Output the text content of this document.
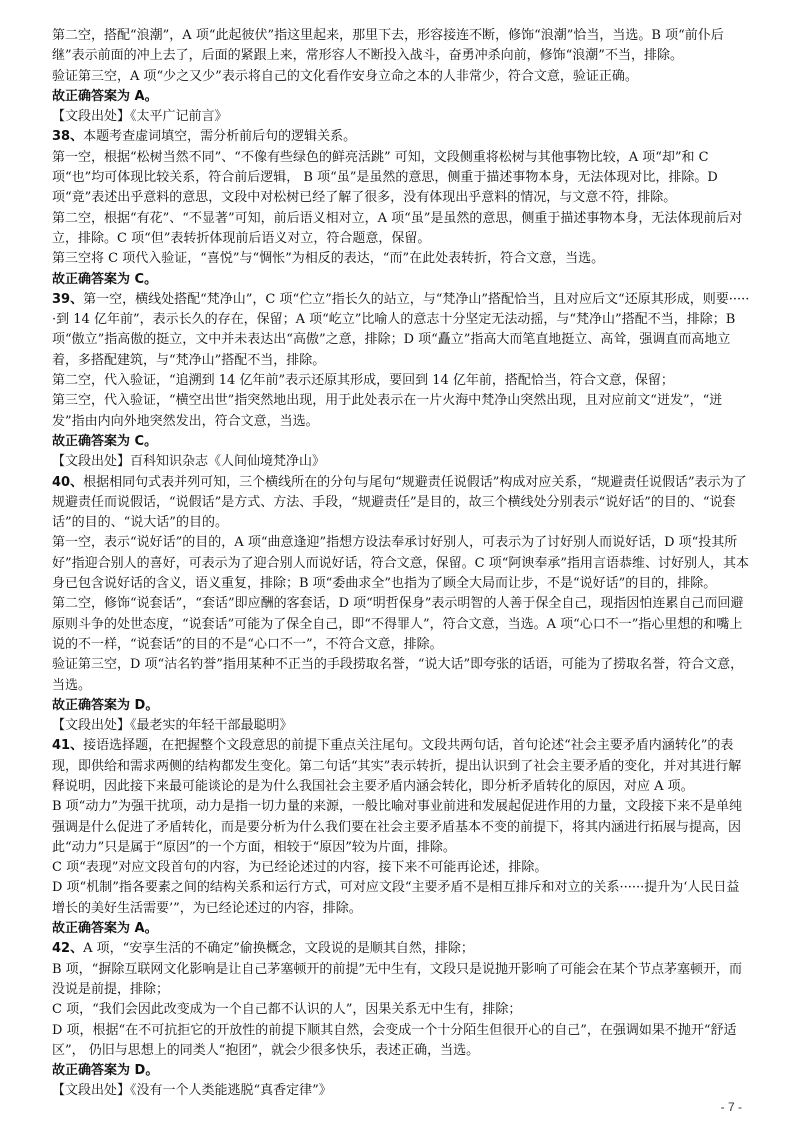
第二空，搭配“浪潮”，A 项“此起彼伏”指这里起来，那里下去，形容接连不断，修饰“浪潮”恰当，当选。B 项“前仆后继”表示前面的冲上去了，后面的紧跟上来，常形容人不断投入战斗，奋勇冲杀向前，修饰“浪潮”不当，排除。

验证第三空，A 项“少之又少”表示将自己的文化看作安身立命之本的人非常少，符合文意，验证正确。

故正确答案为 A。

【文段出处】《太平广记前言》

38、本题考查虚词填空，需分析前后句的逻辑关系。

第一空，根据“松树当然不同”、“不像有些绿色的鲜亮活跳” 可知，文段侧重将松树与其他事物比较，A 项“却”和 C 项“也”均可体现比较关系，符合前后逻辑， B 项“虽”是虽然的意思，侧重于描述事物本身，无法体现对比，排除。D 项“竟”表述出乎意料的意思，文段中对松树已经了解了很多，没有体现出乎意料的情况，与文意不符，排除。

第二空，根据“有花”、“不显著”可知，前后语义相对立，A 项“虽”是虽然的意思，侧重于描述事物本身，无法体现前后对立，排除。C 项“但”表转折体现前后语义对立，符合题意，保留。

第三空将 C 项代入验证，“喜悦”与“惆怅”为相反的表达，“而”在此处表转折，符合文意，当选。

故正确答案为 C。

39、第一空，横线处搭配“梵净山”，C 项“伫立”指长久的站立，与“梵净山”搭配恰当，且对应后文“还原其形成，则要······到 14 亿年前”，表示长久的存在，保留；A 项“屹立”比喻人的意志十分坚定无法动摇，与“梵净山”搭配不当，排除；B 项“傲立”指高傲的挺立，文中并未表达出“高傲”之意，排除；D 项“矗立”指高大而笔直地挺立、高耸，强调直而高地立着，多搭配建筑，与“梵净山”搭配不当，排除。

第二空，代入验证，“追溯到 14 亿年前”表示还原其形成，要回到 14 亿年前，搭配恰当，符合文意，保留；

第三空，代入验证，“横空出世”指突然地出现，用于此处表示在一片火海中梵净山突然出现，且对应前文“迸发”，“迸发”指由内向外地突然发出，符合文意，当选。

故正确答案为 C。

【文段出处】百科知识杂志《人间仙境梵净山》

40、根据相同句式表并列可知，三个横线所在的分句与尾句“规避责任说假话”构成对应关系，“规避责任说假话”表示为了规避责任而说假话，“说假话”是方式、方法、手段，“规避责任”是目的，故三个横线处分别表示“说好话”的目的、“说套话”的目的、“说大话”的目的。

第一空，表示“说好话”的目的，A 项“曲意逢迎”指想方设法奉承讨好别人，可表示为了讨好别人而说好话，D 项“投其所好”指迎合别人的喜好，可表示为了迎合别人而说好话，符合文意，保留。C 项“阿谀奉承”指用言语恭维、讨好别人，其本身已包含说好话的含义，语义重复，排除；B 项“委曲求全”也指为了顾全大局而让步，不是“说好话”的目的，排除。

第二空，修饰“说套话”，“套话”即应酬的客套话，D 项“明哲保身”表示明智的人善于保全自己，现指因怕连累自己而回避原则斗争的处世态度，“说套话”可能为了保全自己，即“不得罪人”，符合文意，当选。A 项“心口不一”指心里想的和嘴上说的不一样，“说套话”的目的不是“心口不一”，不符合文意，排除。

验证第三空，D 项“沽名钓誉”指用某种不正当的手段捞取名誉，“说大话”即夸张的话语，可能为了捞取名誉，符合文意，当选。

故正确答案为 D。

【文段出处】《最老实的年轻干部最聪明》

41、接语选择题，在把握整个文段意思的前提下重点关注尾句。文段共两句话，首句论述“社会主要矛盾内涵转化”的表现，即供给和需求两侧的结构都发生变化。第二句话“其实”表示转折，提出认识到了社会主要矛盾的变化，并对其进行解释说明，因此接下来最可能谈论的是为什么我国社会主要矛盾内涵会转化，即分析矛盾转化的原因，对应 A 项。

B 项“动力”为强干扰项，动力是指一切力量的来源，一般比喻对事业前进和发展起促进作用的力量，文段接下来不是单纯强调是什么促进了矛盾转化，而是要分析为什么我们要在社会主要矛盾基本不变的前提下，将其内涵进行拓展与提高，因此“动力”只是属于“原因”的一个方面，相较于“原因”较为片面，排除。

C 项“表现”对应文段首句的内容，为已经论述过的内容，接下来不可能再论述，排除。

D 项“机制”指各要素之间的结构关系和运行方式，可对应文段“主要矛盾不是相互排斥和对立的关系······提升为‘人民日益增长的美好生活需要’”，为已经论述过的内容，排除。

故正确答案为 A。

42、A 项，“安享生活的不确定”偷换概念，文段说的是顺其自然，排除；

B 项，“摒除互联网文化影响是让自己茅塞顿开的前提”无中生有，文段只是说抛开影响了可能会在某个节点茅塞顿开，而没说是前提，排除；

C 项，“我们会因此改变成为一个自己都不认识的人”，因果关系无中生有，排除；

D 项，根据“在不可抗拒它的开放性的前提下顺其自然，会变成一个十分陌生但很开心的自己”，在强调如果不抛开“舒适区”， 仍旧与思想上的同类人“抱团”，就会少很多快乐，表述正确，当选。

故正确答案为 D。

【文段出处】《没有一个人类能逃脱“真香定律”》

- 7 -
